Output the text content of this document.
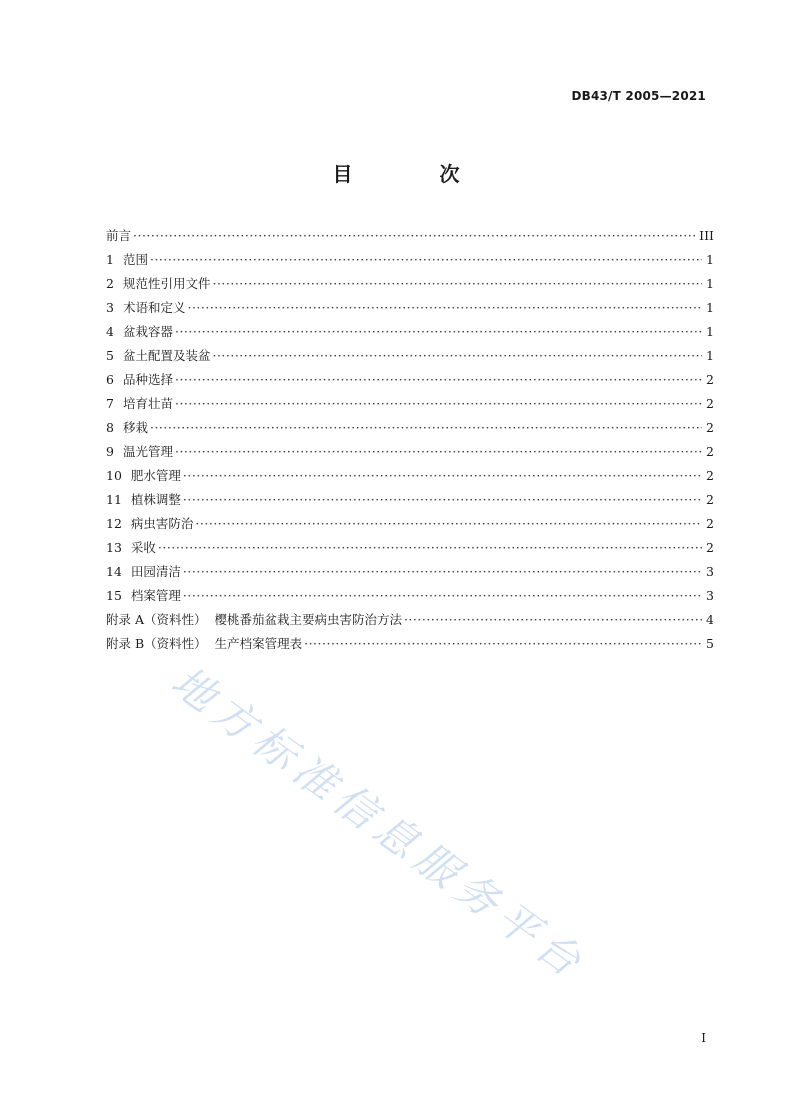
DB43/T 2005—2021
目 次
前言 ·····	III
1 范围 ·····	1
2 规范性引用文件 ·····	1
3 术语和定义 ·····	1
4 盆栽容器 ·····	1
5 盆土配置及装盆 ·····	1
6 品种选择 ·····	2
7 培育壮苗 ·····	2
8 移栽 ·····	2
9 温光管理 ·····	2
10 肥水管理 ·····	2
11 植株调整 ·····	2
12 病虫害防治 ·····	2
13 采收 ·····	2
14 田园清洁 ·····	3
15 档案管理 ·····	3
附录 A（资料性）  樱桃番茄盆栽主要病虫害防治方法 ·····	4
附录 B（资料性）  生产档案管理表 ·····	5
地方标准信息服务平台
I
